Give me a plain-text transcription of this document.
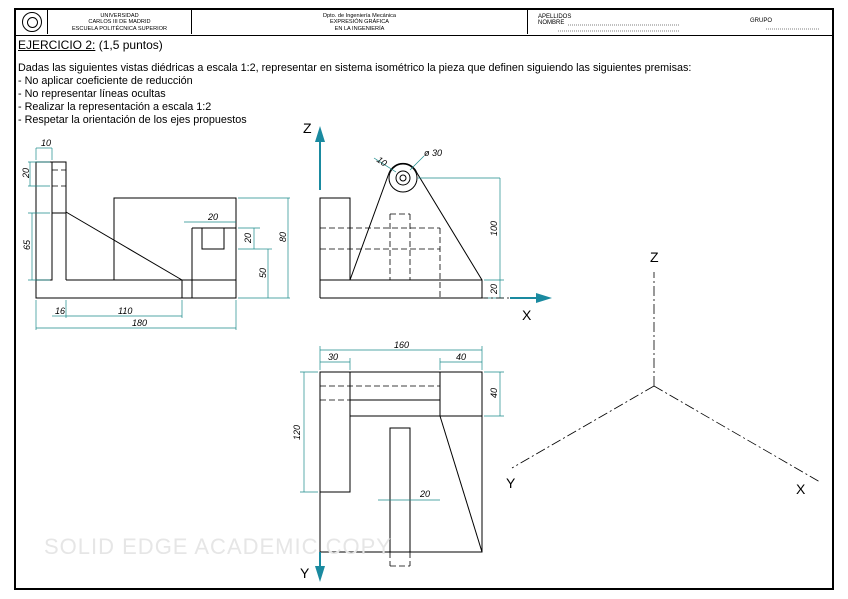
UNIVERSIDAD
CARLOS III DE MADRID
ESCUELA POLITÉCNICA SUPERIOR
Dpto. de Ingeniería Mecánica
EXPRESIÓN GRÁFICA
EN LA INGENIERÍA
APELLIDOS
NOMBRE	GRUPO
10
20
65
20
20
50
80
16	110
180
10
ø 30
100
20
Z
X
160
30	40
40
120
20
Y
Z
Y	X
EJERCICIO 2: (1,5 puntos)
Dadas las siguientes vistas diédricas a escala 1:2, representar en sistema isométrico la pieza que definen siguiendo las siguientes premisas:
- No aplicar coeficiente de reducción
- No representar líneas ocultas
- Realizar la representación a escala 1:2
- Respetar la orientación de los ejes propuestos
SOLID EDGE ACADEMIC COPY
